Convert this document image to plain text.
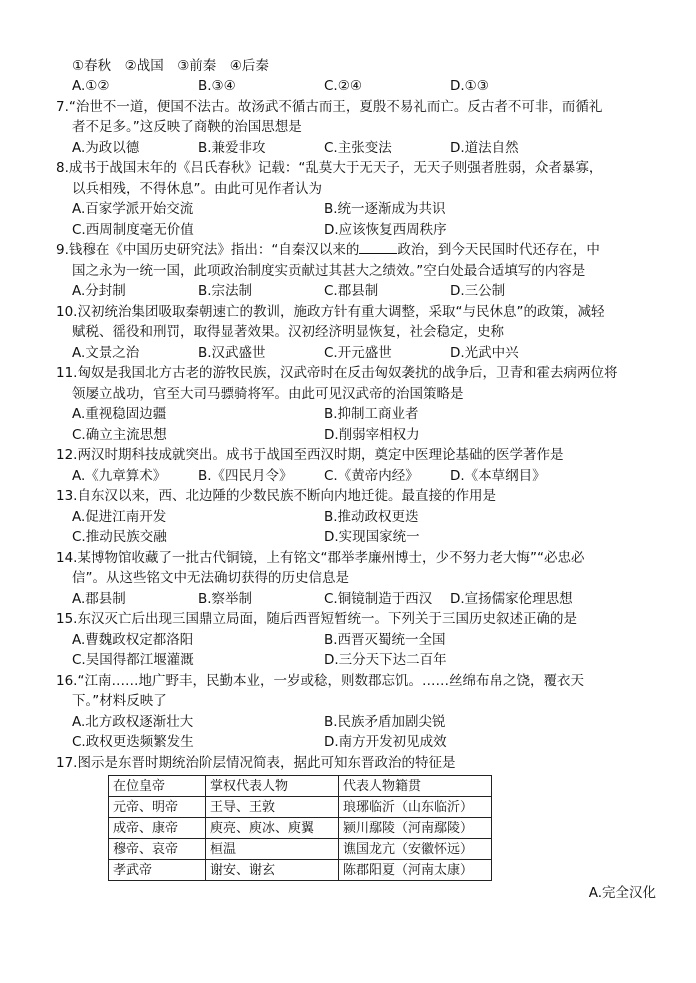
①春秋　②战国　③前秦　④后秦
A.①②	B.③④	C.②④	D.①③
7.“治世不一道，便国不法古。故汤武不循古而王，夏殷不易礼而亡。反古者不可非，而循礼
者不足多。”这反映了商鞅的治国思想是
A.为政以德	B.兼爱非攻	C.主张变法	D.道法自然
8.成书于战国末年的《吕氏春秋》记载：“乱莫大于无天子，无天子则强者胜弱，众者暴寡，
以兵相残，不得休息”。由此可见作者认为
A.百家学派开始交流	B.统一逐渐成为共识
C.西周制度毫无价值	D.应该恢复西周秩序
9.钱穆在《中国历史研究法》指出：“自秦汉以来的	政治，到今天民国时代还存在，中
国之永为一统一国，此项政治制度实贡献过其甚大之绩效。”空白处最合适填写的内容是
A.分封制	B.宗法制	C.郡县制	D.三公制
10.汉初统治集团吸取秦朝速亡的教训，施政方针有重大调整，采取“与民休息”的政策，减轻
赋税、徭役和刑罚，取得显著效果。汉初经济明显恢复，社会稳定，史称
A.文景之治	B.汉武盛世	C.开元盛世	D.光武中兴
11.匈奴是我国北方古老的游牧民族，汉武帝时在反击匈奴袭扰的战争后，卫青和霍去病两位将
领屡立战功，官至大司马骠骑将军。由此可见汉武帝的治国策略是
A.重视稳固边疆	B.抑制工商业者
C.确立主流思想	D.削弱宰相权力
12.两汉时期科技成就突出。成书于战国至西汉时期，奠定中医理论基础的医学著作是
A.《九章算术》	B.《四民月令》	C.《黄帝内经》	D.《本草纲目》
13.自东汉以来，西、北边陲的少数民族不断向内地迁徙。最直接的作用是
A.促进江南开发	B.推动政权更迭
C.推动民族交融	D.实现国家统一
14.某博物馆收藏了一批古代铜镜，上有铭文“郡举孝廉州博士，少不努力老大悔”“必忠必
信”。从这些铭文中无法确切获得的历史信息是
A.郡县制	B.察举制	C.铜镜制造于西汉	D.宣扬儒家伦理思想
15.东汉灭亡后出现三国鼎立局面，随后西晋短暂统一。下列关于三国历史叙述正确的是
A.曹魏政权定都洛阳	B.西晋灭蜀统一全国
C.吴国得都江堰灌溉	D.三分天下达二百年
16.“江南……地广野丰，民勤本业，一岁或稔，则数郡忘饥。……丝绵布帛之饶，覆衣天
下。”材料反映了
A.北方政权逐渐壮大	B.民族矛盾加剧尖锐
C.政权更迭频繁发生	D.南方开发初见成效
17.图示是东晋时期统治阶层情况简表，据此可知东晋政治的特征是
在位皇帝	掌权代表人物	代表人物籍贯
元帝、明帝	王导、王敦	琅琊临沂（山东临沂）
成帝、康帝	庾亮、庾冰、庾翼	颍川鄢陵（河南鄢陵）
穆帝、哀帝	桓温	谯国龙亢（安徽怀远）
孝武帝	谢安、谢玄	陈郡阳夏（河南太康）
A.完全汉化
